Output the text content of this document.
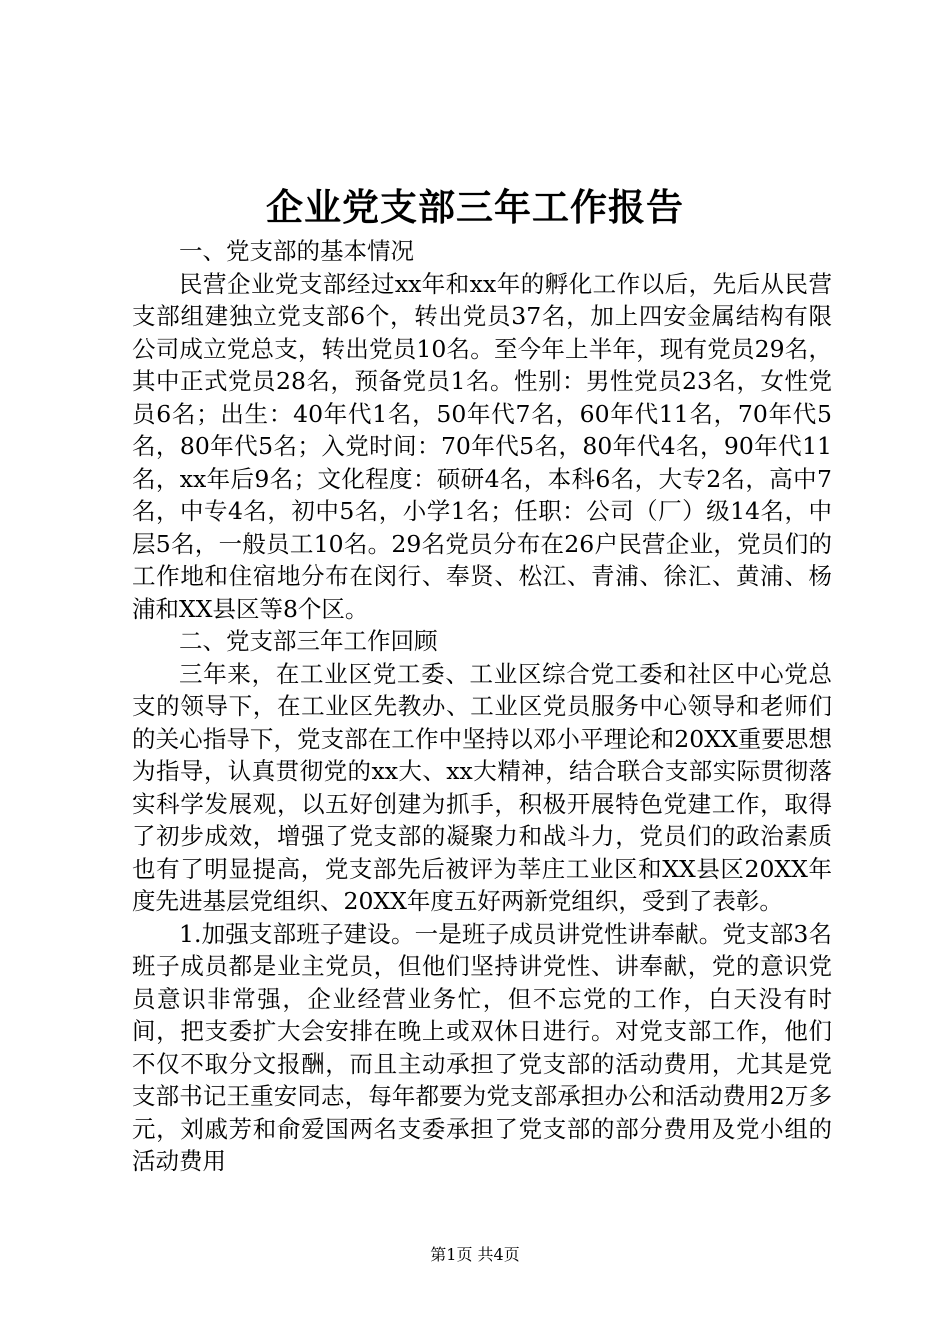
企业党支部三年工作报告

一、党支部的基本情况

民营企业党支部经过xx年和xx年的孵化工作以后，先后从民营支部组建独立党支部6个，转出党员37名，加上四安金属结构有限公司成立党总支，转出党员10名。至今年上半年，现有党员29名，其中正式党员28名，预备党员1名。性别：男性党员23名，女性党员6名；出生：40年代1名，50年代7名，60年代11名，70年代5名，80年代5名；入党时间：70年代5名，80年代4名，90年代11名，xx年后9名；文化程度：硕研4名，本科6名，大专2名，高中7名，中专4名，初中5名，小学1名；任职：公司（厂）级14名，中层5名，一般员工10名。29名党员分布在26户民营企业，党员们的工作地和住宿地分布在闵行、奉贤、松江、青浦、徐汇、黄浦、杨浦和XX县区等8个区。

二、党支部三年工作回顾

三年来，在工业区党工委、工业区综合党工委和社区中心党总支的领导下，在工业区先教办、工业区党员服务中心领导和老师们的关心指导下，党支部在工作中坚持以邓小平理论和20XX重要思想为指导，认真贯彻党的xx大、xx大精神，结合联合支部实际贯彻落实科学发展观，以五好创建为抓手，积极开展特色党建工作，取得了初步成效，增强了党支部的凝聚力和战斗力，党员们的政治素质也有了明显提高，党支部先后被评为莘庄工业区和XX县区20XX年度先进基层党组织、20XX年度五好两新党组织，受到了表彰。

1.加强支部班子建设。一是班子成员讲党性讲奉献。党支部3名班子成员都是业主党员，但他们坚持讲党性、讲奉献，党的意识党员意识非常强，企业经营业务忙，但不忘党的工作，白天没有时间，把支委扩大会安排在晚上或双休日进行。对党支部工作，他们不仅不取分文报酬，而且主动承担了党支部的活动费用，尤其是党支部书记王重安同志，每年都要为党支部承担办公和活动费用2万多元，刘戚芳和俞爱国两名支委承担了党支部的部分费用及党小组的活动费用

第1页 共4页
